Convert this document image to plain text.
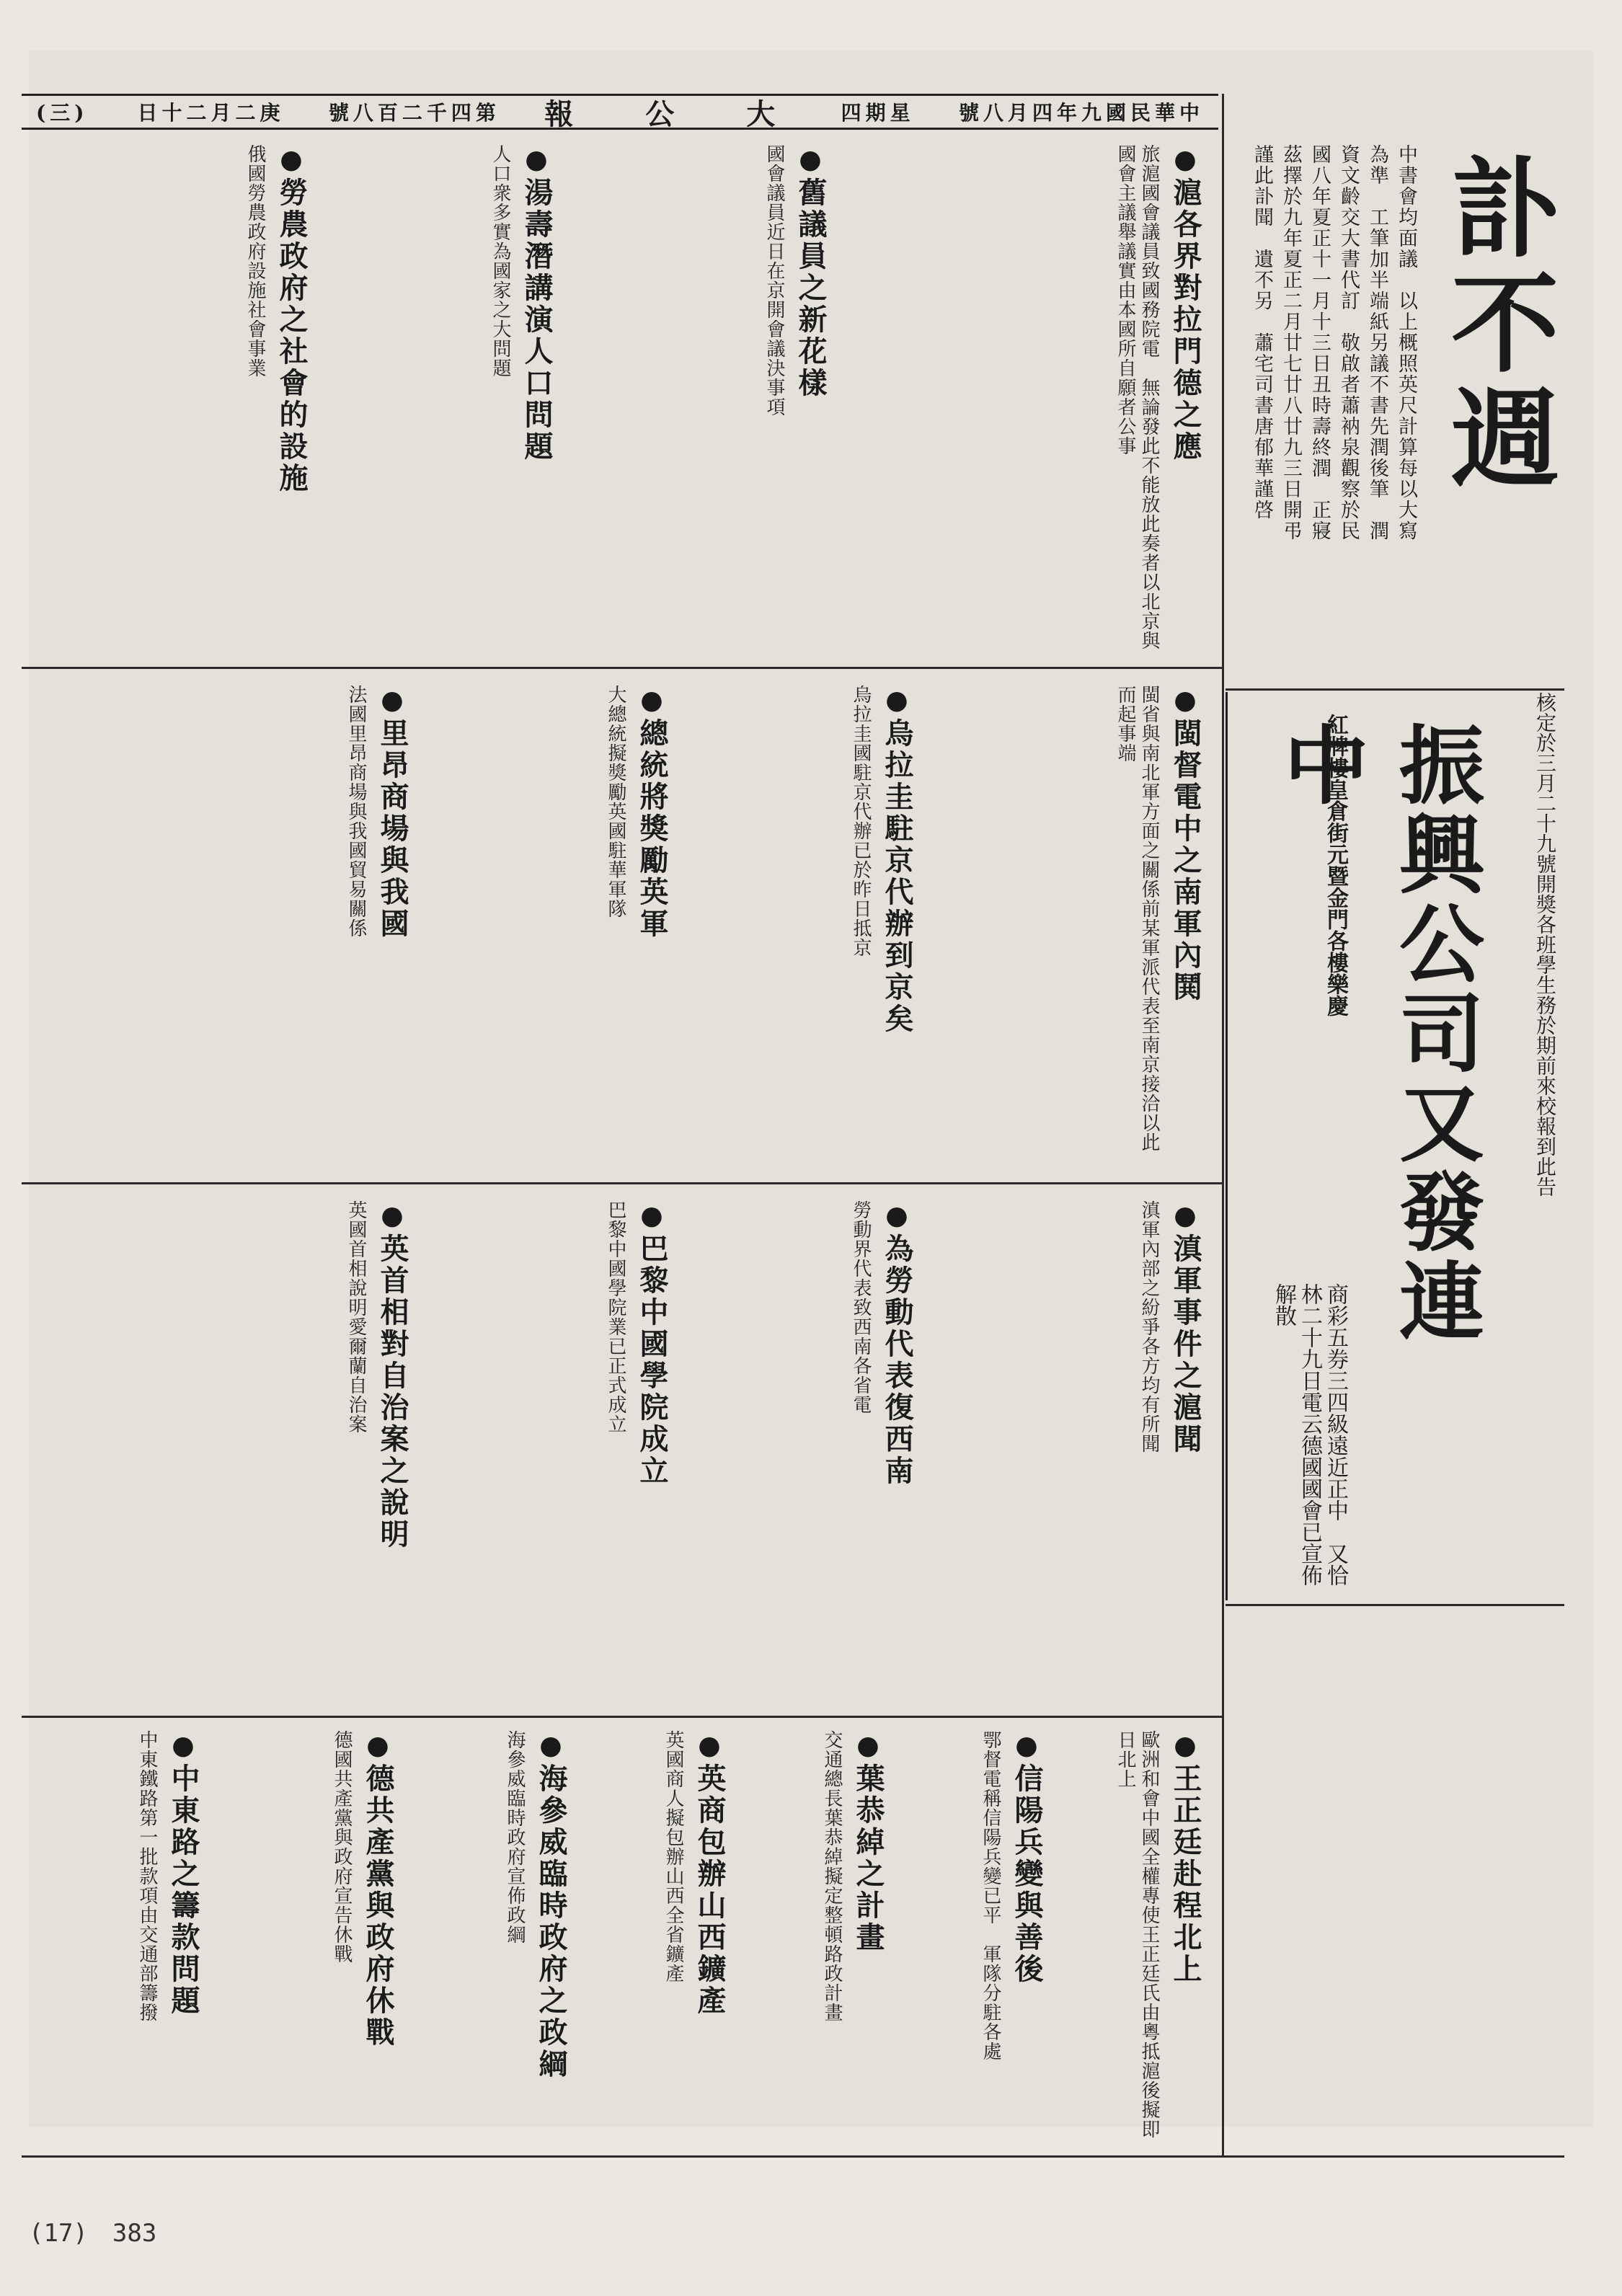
(三)　　日十二月二庚 號八百二千四第 報　公　大 四期星 號八月四年九國民華中
訃不週
中書會均面議　以上概照英尺計算每以大寫為準　工筆加半端紙另議不書先潤後筆　潤資文齡交大書代訂　敬啟者蕭衲泉觀察於民國八年夏正十一月十三日丑時壽終潤　正寢茲擇於九年夏正二月廿七廿八廿九三日開弔謹此訃聞　遺不另　蕭宅司書唐郁華謹啓
核定於三月二十九號開獎各班學生務於期前來校報到此告
振興公司又發連中
紅牌樓皇倉街元暨金門各樓樂慶
商彩五券三四級遠近正中　又恰林二十九日電云德國國會已宣佈解散
●滬各界對拉門德之應
旅滬國會議員致國務院電　無論發此不能放此奏者以北京與國會主議舉議實由本國所自願者公事
●舊議員之新花樣
國會議員近日在京開會議決事項
●湯壽潛講演人口問題
人口衆多實為國家之大問題
●勞農政府之社會的設施
俄國勞農政府設施社會事業
●閩督電中之南軍內鬨
閩省與南北軍方面之關係前某軍派代表至南京接洽以此而起事端
●烏拉圭駐京代辦到京矣
烏拉圭國駐京代辦已於昨日抵京
●總統將獎勵英軍
大總統擬獎勵英國駐華軍隊
●里昂商場與我國
法國里昂商場與我國貿易關係
●滇軍事件之滬聞
滇軍內部之紛爭各方均有所聞
●為勞動代表復西南
勞動界代表致西南各省電
●巴黎中國學院成立
巴黎中國學院業已正式成立
●英首相對自治案之說明
英國首相說明愛爾蘭自治案
●王正廷赴程北上
歐洲和會中國全權專使王正廷氏由粵抵滬後擬即日北上
●信陽兵變與善後
鄂督電稱信陽兵變已平　軍隊分駐各處
●葉恭綽之計畫
交通總長葉恭綽擬定整頓路政計畫
●英商包辦山西鑛產
英國商人擬包辦山西全省鑛產
●海參威臨時政府之政綱
海參威臨時政府宣佈政綱
●德共產黨與政府休戰
德國共產黨與政府宣告休戰
●中東路之籌款問題
中東鐵路第一批款項由交通部籌撥
(17)　383
